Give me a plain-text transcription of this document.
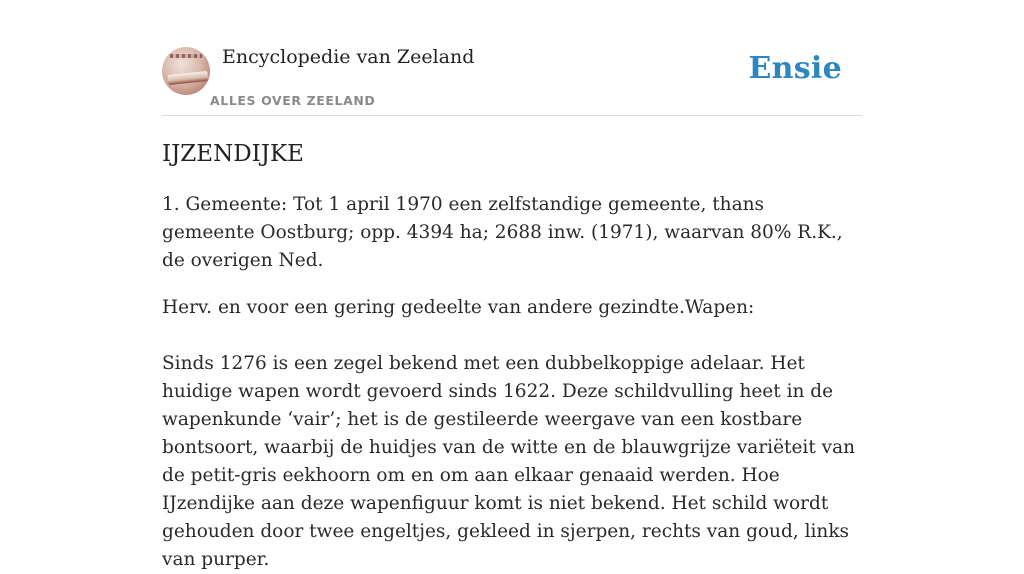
Encyclopedie van Zeeland
ALLES OVER ZEELAND
Ensie
IJZENDIJKE

1. Gemeente: Tot 1 april 1970 een zelfstandige gemeente, thans gemeente Oostburg; opp. 4394 ha; 2688 inw. (1971), waarvan 80% R.K., de overigen Ned.

Herv. en voor een gering gedeelte van andere gezindte.Wapen:

Sinds 1276 is een zegel bekend met een dubbelkoppige adelaar. Het huidige wapen wordt gevoerd sinds 1622. Deze schildvulling heet in de wapenkunde ‘vair’; het is de gestileerde weergave van een kostbare bontsoort, waarbij de huidjes van de witte en de blauwgrijze variëteit van de petit-gris eekhoorn om en om aan elkaar genaaid werden. Hoe IJzendijke aan deze wapenfiguur komt is niet bekend. Het schild wordt gehouden door twee engeltjes, gekleed in sjerpen, rechts van goud, links van purper.
